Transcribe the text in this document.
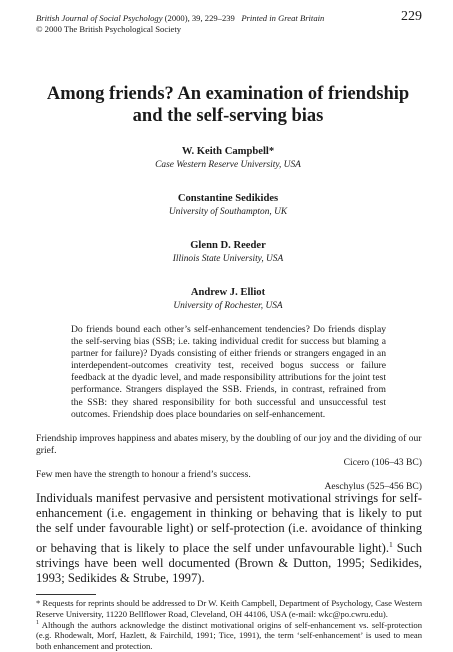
British Journal of Social Psychology (2000), 39, 229–239 Printed in Great Britain
© 2000 The British Psychological Society
229
Among friends? An examination of friendship
and the self-serving bias
W. Keith Campbell*
Case Western Reserve University, USA
Constantine Sedikides
University of Southampton, UK
Glenn D. Reeder
Illinois State University, USA
Andrew J. Elliot
University of Rochester, USA
Do friends bound each other’s self-enhancement tendencies? Do friends display the self-serving bias (SSB; i.e. taking individual credit for success but blaming a partner for failure)? Dyads consisting of either friends or strangers engaged in an interdependent-outcomes creativity test, received bogus success or failure feedback at the dyadic level, and made responsibility attributions for the joint test performance. Strangers displayed the SSB. Friends, in contrast, refrained from the SSB: they shared responsibility for both successful and unsuccessful test outcomes. Friendship does place boundaries on self-enhancement.
Friendship improves happiness and abates misery, by the doubling of our joy and the dividing of our grief.
Cicero (106–43 BC)
Few men have the strength to honour a friend’s success.
Aeschylus (525–456 BC)
Individuals manifest pervasive and persistent motivational strivings for self-enhancement (i.e. engagement in thinking or behaving that is likely to put the self under favourable light) or self-protection (i.e. avoidance of thinking or behaving that is likely to place the self under unfavourable light).$^1$ Such strivings have been well documented (Brown & Dutton, 1995; Sedikides, 1993; Sedikides & Strube, 1997).
* Requests for reprints should be addressed to Dr W. Keith Campbell, Department of Psychology, Case Western Reserve University, 11220 Bellflower Road, Cleveland, OH 44106, USA (e-mail: wkc@po.cwru.edu).
$^1$ Although the authors acknowledge the distinct motivational origins of self-enhancement vs. self-protection (e.g. Rhodewalt, Morf, Hazlett, & Fairchild, 1991; Tice, 1991), the term ‘self-enhancement’ is used to mean both enhancement and protection.
